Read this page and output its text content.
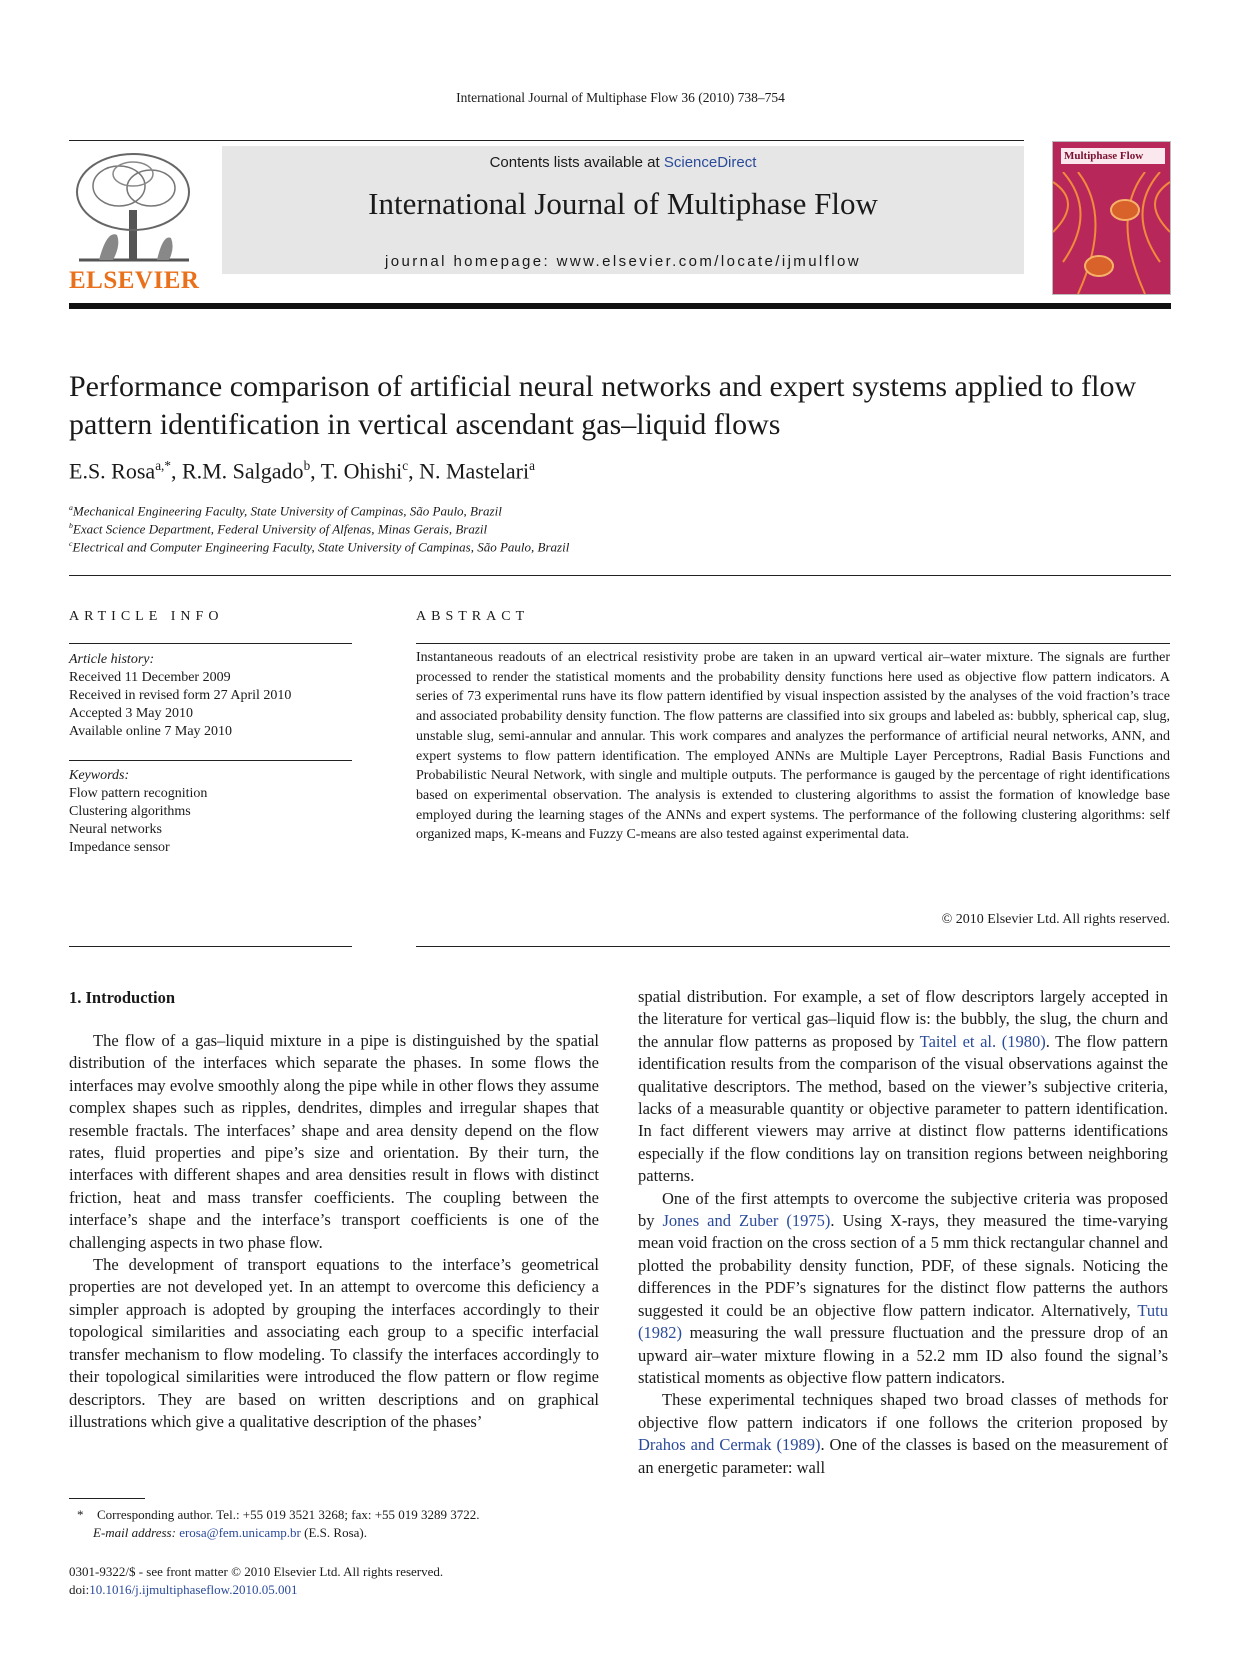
International Journal of Multiphase Flow 36 (2010) 738–754
ELSEVIER
Contents lists available at ScienceDirect
International Journal of Multiphase Flow
journal homepage: www.elsevier.com/locate/ijmulflow
Multiphase Flow
Performance comparison of artificial neural networks and expert systems applied to flow pattern identification in vertical ascendant gas–liquid flows
E.S. Rosa$^{a,*}$, R.M. Salgado$^b$, T. Ohishi$^c$, N. Mastelari$^a$
$^a$Mechanical Engineering Faculty, State University of Campinas, São Paulo, Brazil
$^b$Exact Science Department, Federal University of Alfenas, Minas Gerais, Brazil
$^c$Electrical and Computer Engineering Faculty, State University of Campinas, São Paulo, Brazil
ARTICLE INFO
Article history:
Received 11 December 2009
Received in revised form 27 April 2010
Accepted 3 May 2010
Available online 7 May 2010
Keywords:
Flow pattern recognition
Clustering algorithms
Neural networks
Impedance sensor
ABSTRACT
Instantaneous readouts of an electrical resistivity probe are taken in an upward vertical air–water mixture. The signals are further processed to render the statistical moments and the probability density functions here used as objective flow pattern indicators. A series of 73 experimental runs have its flow pattern identified by visual inspection assisted by the analyses of the void fraction’s trace and associated probability density function. The flow patterns are classified into six groups and labeled as: bubbly, spherical cap, slug, unstable slug, semi-annular and annular. This work compares and analyzes the performance of artificial neural networks, ANN, and expert systems to flow pattern identification. The employed ANNs are Multiple Layer Perceptrons, Radial Basis Functions and Probabilistic Neural Network, with single and multiple outputs. The performance is gauged by the percentage of right identifications based on experimental observation. The analysis is extended to clustering algorithms to assist the formation of knowledge base employed during the learning stages of the ANNs and expert systems. The performance of the following clustering algorithms: self organized maps, K-means and Fuzzy C-means are also tested against experimental data.
© 2010 Elsevier Ltd. All rights reserved.
1. Introduction

The flow of a gas–liquid mixture in a pipe is distinguished by the spatial distribution of the interfaces which separate the phases. In some flows the interfaces may evolve smoothly along the pipe while in other flows they assume complex shapes such as ripples, dendrites, dimples and irregular shapes that resemble fractals. The interfaces’ shape and area density depend on the flow rates, fluid properties and pipe’s size and orientation. By their turn, the interfaces with different shapes and area densities result in flows with distinct friction, heat and mass transfer coefficients. The coupling between the interface’s shape and the interface’s transport coefficients is one of the challenging aspects in two phase flow.

The development of transport equations to the interface’s geometrical properties are not developed yet. In an attempt to overcome this deficiency a simpler approach is adopted by grouping the interfaces accordingly to their topological similarities and associating each group to a specific interfacial transfer mechanism to flow modeling. To classify the interfaces accordingly to their topological similarities were introduced the flow pattern or flow regime descriptors. They are based on written descriptions and on graphical illustrations which give a qualitative description of the phases’

spatial distribution. For example, a set of flow descriptors largely accepted in the literature for vertical gas–liquid flow is: the bubbly, the slug, the churn and the annular flow patterns as proposed by Taitel et al. (1980). The flow pattern identification results from the comparison of the visual observations against the qualitative descriptors. The method, based on the viewer’s subjective criteria, lacks of a measurable quantity or objective parameter to pattern identification. In fact different viewers may arrive at distinct flow patterns identifications especially if the flow conditions lay on transition regions between neighboring patterns.

One of the first attempts to overcome the subjective criteria was proposed by Jones and Zuber (1975). Using X-rays, they measured the time-varying mean void fraction on the cross section of a 5 mm thick rectangular channel and plotted the probability density function, PDF, of these signals. Noticing the differences in the PDF’s signatures for the distinct flow patterns the authors suggested it could be an objective flow pattern indicator. Alternatively, Tutu (1982) measuring the wall pressure fluctuation and the pressure drop of an upward air–water mixture flowing in a 52.2 mm ID also found the signal’s statistical moments as objective flow pattern indicators.

These experimental techniques shaped two broad classes of methods for objective flow pattern indicators if one follows the criterion proposed by Drahos and Cermak (1989). One of the classes is based on the measurement of an energetic parameter: wall

* Corresponding author. Tel.: +55 019 3521 3268; fax: +55 019 3289 3722.
E-mail address: erosa@fem.unicamp.br (E.S. Rosa).
0301-9322/$ - see front matter © 2010 Elsevier Ltd. All rights reserved.
doi:10.1016/j.ijmultiphaseflow.2010.05.001
